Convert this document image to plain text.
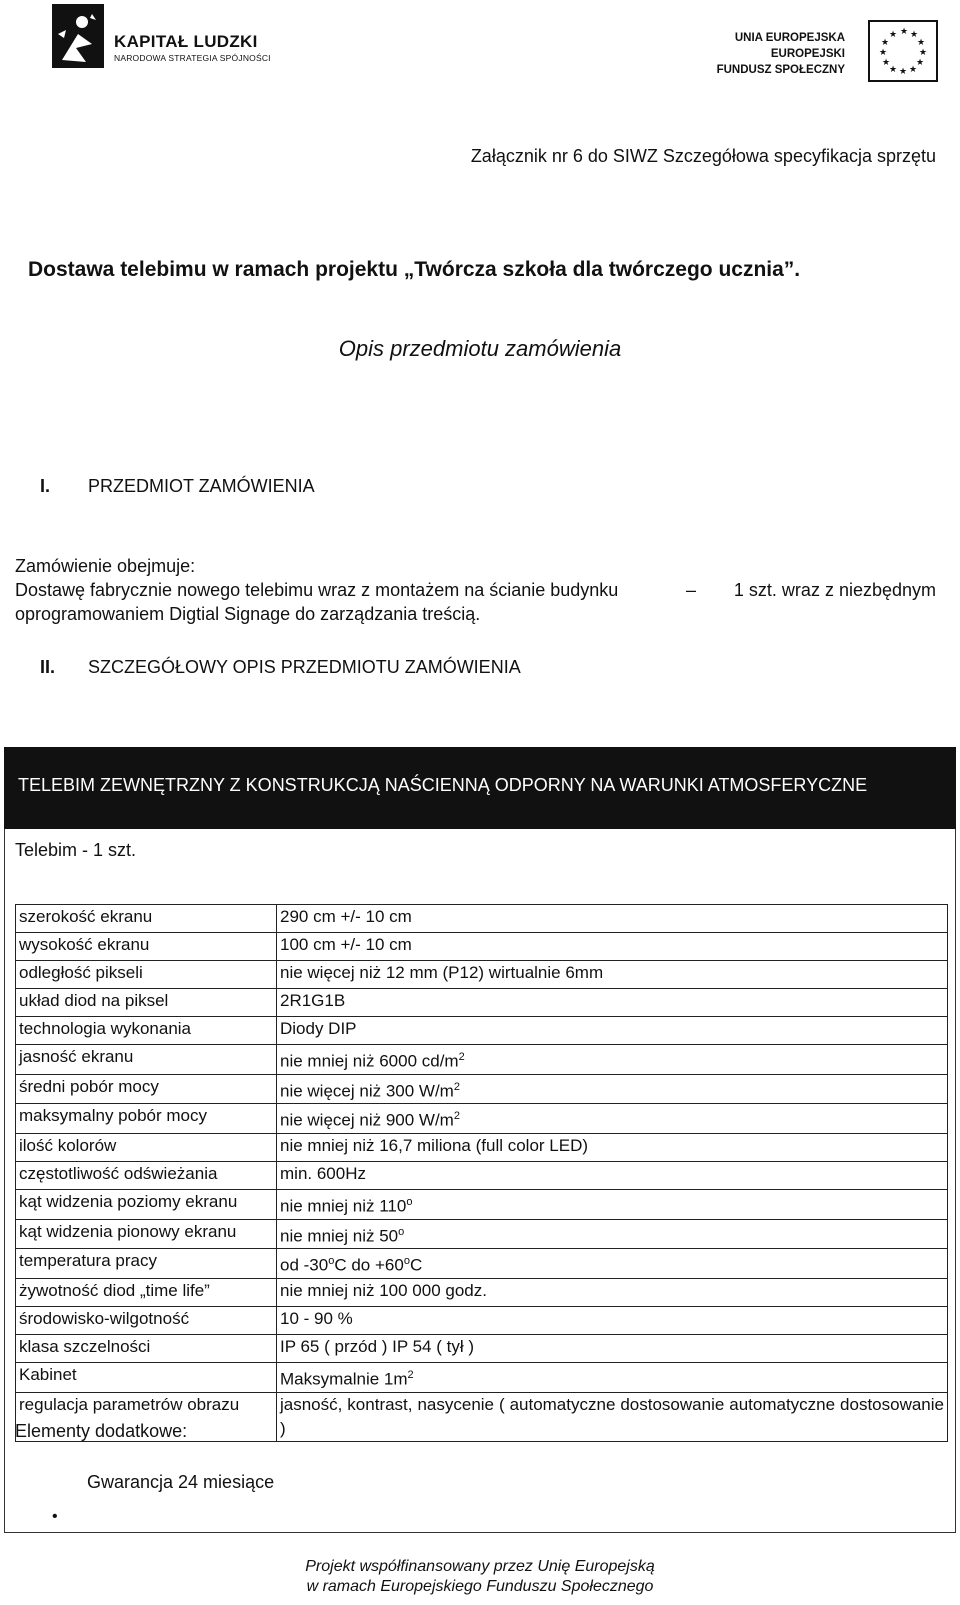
KAPITAŁ LUDZKI
NARODOWA STRATEGIA SPÓJNOŚCI
UNIA EUROPEJSKA
EUROPEJSKI
FUNDUSZ SPOŁECZNY
★ ★
★
★
★
★
★
★
★
★
★
★
Załącznik nr 6 do SIWZ Szczegółowa specyfikacja sprzętu
Dostawa telebimu w ramach projektu „Twórcza szkoła dla twórczego ucznia”.
Opis przedmiotu zamówienia
I. PRZEDMIOT ZAMÓWIENIA
Zamówienie obejmuje:
Dostawę fabrycznie nowego telebimu wraz z montażem na ścianie budynku	– 1 szt. wraz z niezbędnym
oprogramowaniem Digtial Signage do zarządzania treścią.
II. SZCZEGÓŁOWY OPIS PRZEDMIOTU ZAMÓWIENIA
TELEBIM ZEWNĘTRZNY Z KONSTRUKCJĄ NAŚCIENNĄ ODPORNY NA WARUNKI ATMOSFERYCZNE
Telebim - 1 szt.
szerokość ekranu	290 cm +/- 10 cm
wysokość ekranu	100 cm +/- 10 cm
odległość pikseli	nie więcej niż 12 mm (P12) wirtualnie 6mm
układ diod na piksel	2R1G1B
technologia wykonania	Diody DIP
jasność ekranu	nie mniej niż 6000 $cd/m^2$
średni pobór mocy	nie więcej niż 300 $W/m^2$
maksymalny pobór mocy	nie więcej niż 900 $W/m^2$
ilość kolorów	nie mniej niż 16,7 miliona (full color LED)
częstotliwość odświeżania	min. 600Hz
kąt widzenia poziomy ekranu	nie mniej niż 110$^o$
kąt widzenia pionowy ekranu	nie mniej niż 50$^o$
temperatura pracy	od -30$^o$C do $+60^oC$
żywotność diod „time life”	nie mniej niż 100 000 godz.
środowisko-wilgotność	10 - 90 %
klasa szczelności	IP 65 ( przód ) IP 54 ( tył )
Kabinet	Maksymalnie $1m^2$
regulacja parametrów obrazu	jasność, kontrast, nasycenie ( automatyczne dostosowanie automatyczne dostosowanie )
Elementy dodatkowe:
•
Gwarancja 24 miesiące
Projekt współfinansowany przez Unię Europejską
w ramach Europejskiego Funduszu Społecznego
